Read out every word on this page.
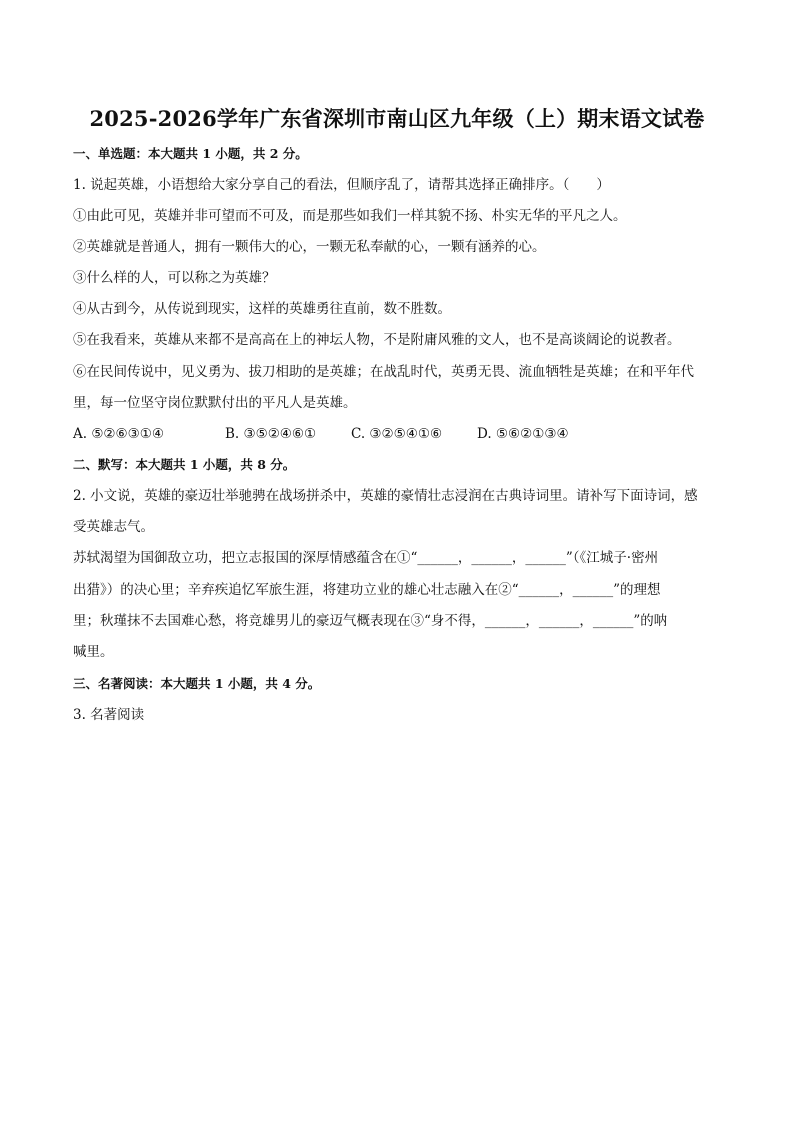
2025-2026学年广东省深圳市南山区九年级（上）期末语文试卷
一、单选题：本大题共 1 小题，共 2 分。
1. 说起英雄，小语想给大家分享自己的看法，但顺序乱了，请帮其选择正确排序。（　　）
①由此可见，英雄并非可望而不可及，而是那些如我们一样其貌不扬、朴实无华的平凡之人。
②英雄就是普通人，拥有一颗伟大的心，一颗无私奉献的心，一颗有涵养的心。
③什么样的人，可以称之为英雄？
④从古到今，从传说到现实，这样的英雄勇往直前，数不胜数。
⑤在我看来，英雄从来都不是高高在上的神坛人物，不是附庸风雅的文人，也不是高谈阔论的说教者。
⑥在民间传说中，见义勇为、拔刀相助的是英雄；在战乱时代，英勇无畏、流血牺牲是英雄；在和平年代
里，每一位坚守岗位默默付出的平凡人是英雄。
A. ⑤②⑥③①④	B. ③⑤②④⑥①	C. ③②⑤④①⑥	D. ⑤⑥②①③④
二、默写：本大题共 1 小题，共 8 分。
2. 小文说，英雄的豪迈壮举驰骋在战场拼杀中，英雄的豪情壮志浸润在古典诗词里。请补写下面诗词，感
受英雄志气。
苏轼渴望为国御敌立功，把立志报国的深厚情感蕴含在①“______，______，______”（《江城子·密州
出猎》）的决心里；辛弃疾追忆军旅生涯，将建功立业的雄心壮志融入在②“______，______”的理想
里；秋瑾抹不去国难心愁，将竞雄男儿的豪迈气概表现在③“身不得，______，______，______”的呐
喊里。
三、名著阅读：本大题共 1 小题，共 4 分。
3. 名著阅读
